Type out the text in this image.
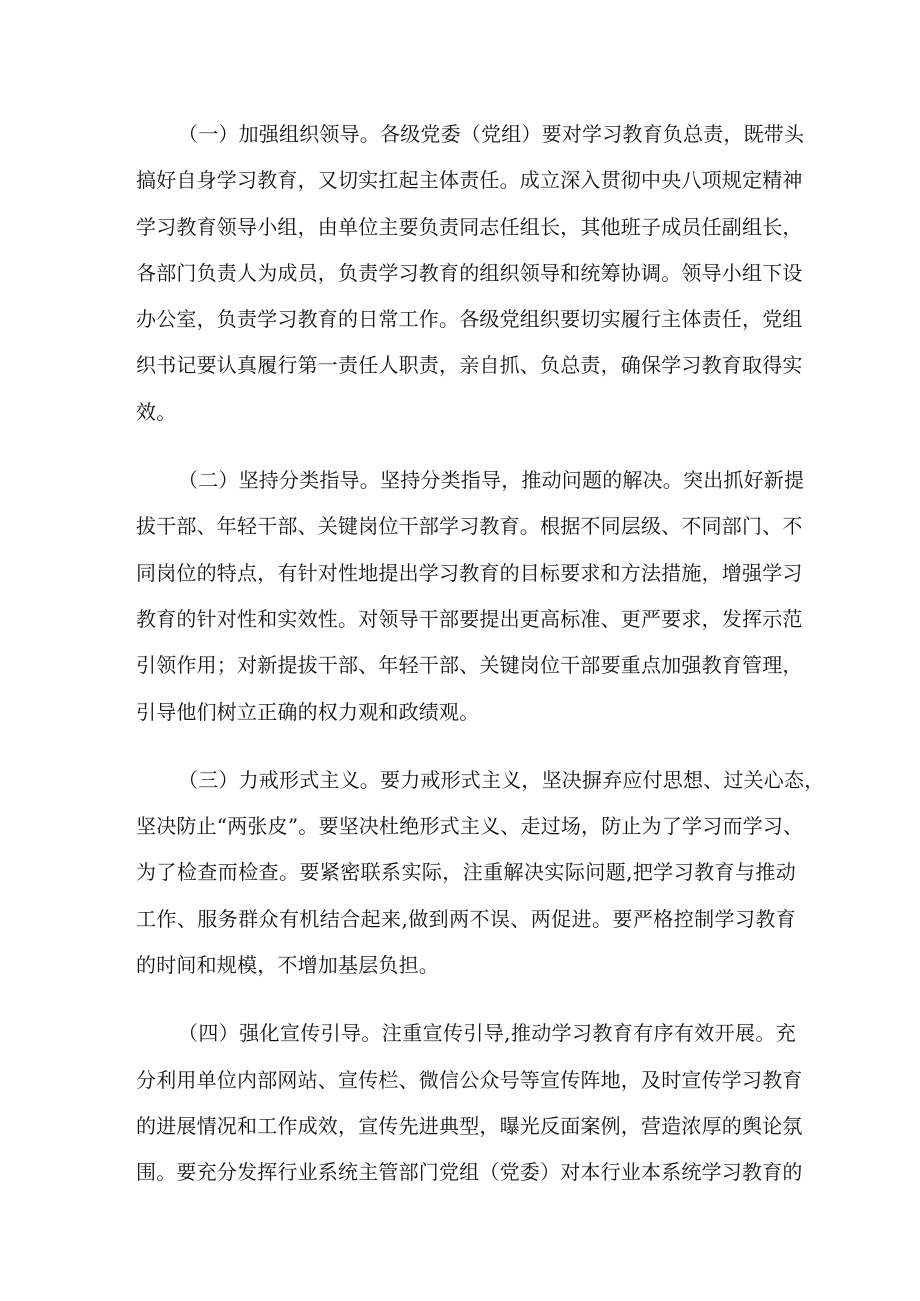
（一）加强组织领导。各级党委（党组）要对学习教育负总责，既带头
搞好自身学习教育，又切实扛起主体责任。成立深入贯彻中央八项规定精神
学习教育领导小组，由单位主要负责同志任组长，其他班子成员任副组长，
各部门负责人为成员，负责学习教育的组织领导和统筹协调。领导小组下设
办公室，负责学习教育的日常工作。各级党组织要切实履行主体责任，党组
织书记要认真履行第一责任人职责，亲自抓、负总责，确保学习教育取得实
效。
（二）坚持分类指导。坚持分类指导，推动问题的解决。突出抓好新提
拔干部、年轻干部、关键岗位干部学习教育。根据不同层级、不同部门、不
同岗位的特点，有针对性地提出学习教育的目标要求和方法措施，增强学习
教育的针对性和实效性。对领导干部要提出更高标准、更严要求，发挥示范
引领作用；对新提拔干部、年轻干部、关键岗位干部要重点加强教育管理，
引导他们树立正确的权力观和政绩观。
（三）力戒形式主义。要力戒形式主义，坚决摒弃应付思想、过关心态，
坚决防止“两张皮”。要坚决杜绝形式主义、走过场，防止为了学习而学习、
为了检查而检查。要紧密联系实际，注重解决实际问题,把学习教育与推动
工作、服务群众有机结合起来,做到两不误、两促进。要严格控制学习教育
的时间和规模，不增加基层负担。
（四）强化宣传引导。注重宣传引导,推动学习教育有序有效开展。充
分利用单位内部网站、宣传栏、微信公众号等宣传阵地，及时宣传学习教育
的进展情况和工作成效，宣传先进典型，曝光反面案例，营造浓厚的舆论氛
围。要充分发挥行业系统主管部门党组（党委）对本行业本系统学习教育的
